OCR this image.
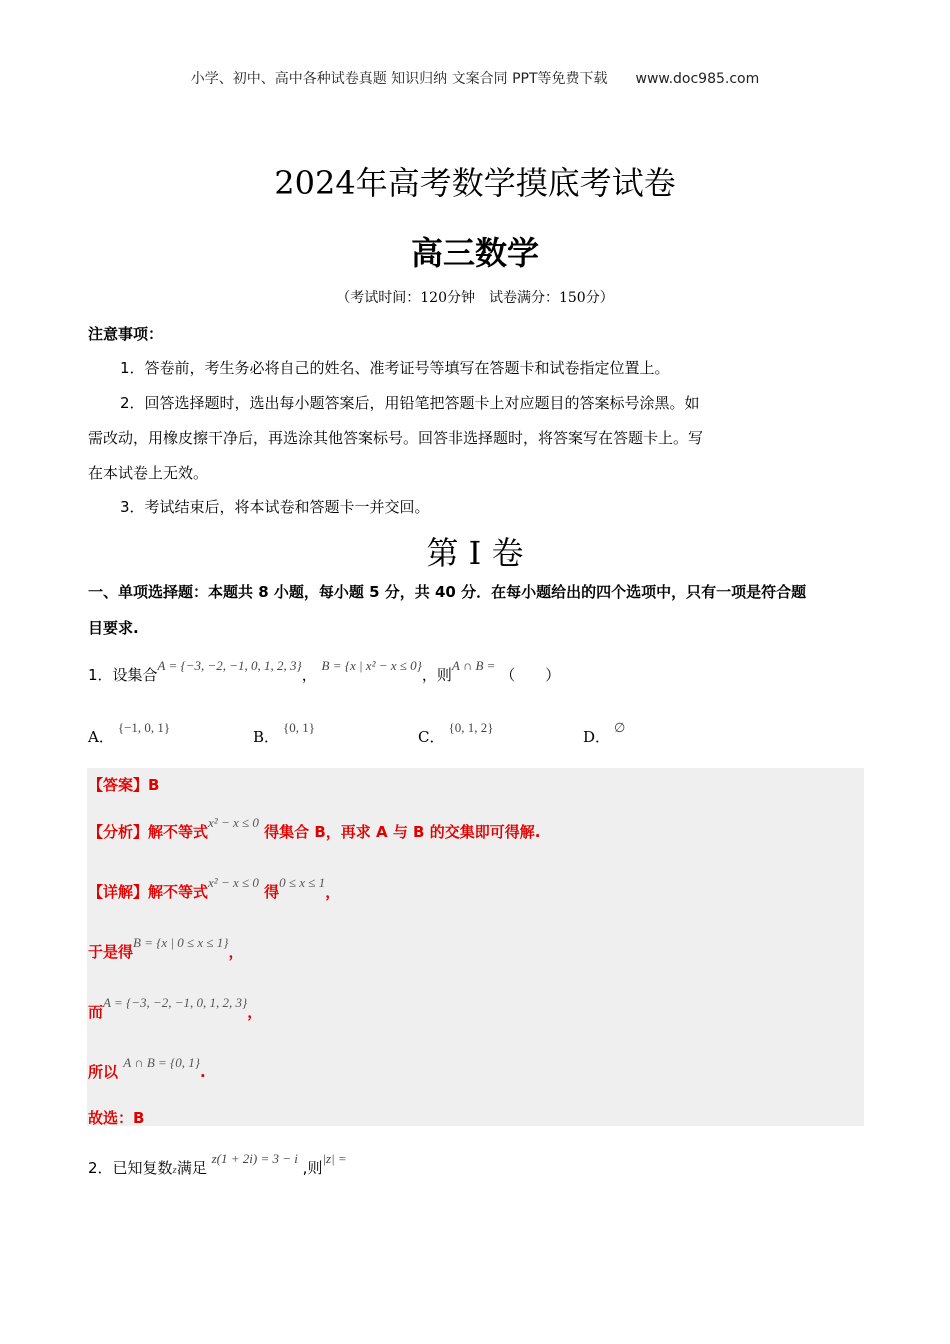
小学、初中、高中各种试卷真题 知识归纳 文案合同 PPT等免费下载 www.doc985.com
2024年高考数学摸底考试卷
高三数学
（考试时间：120分钟　试卷满分：150分）
注意事项：
1．答卷前，考生务必将自己的姓名、准考证号等填写在答题卡和试卷指定位置上。
2．回答选择题时，选出每小题答案后，用铅笔把答题卡上对应题目的答案标号涂黑。如
需改动，用橡皮擦干净后，再选涂其他答案标号。回答非选择题时，将答案写在答题卡上。写
在本试卷上无效。
3．考试结束后，将本试卷和答题卡一并交回。
第 I 卷
一、单项选择题：本题共 8 小题，每小题 5 分，共 40 分．在每小题给出的四个选项中，只有一项是符合题
目要求.
1．设集合A = {−3, −2, −1, 0, 1, 2, 3}， B = {x | x² − x ≤ 0}，则A ∩ B = （　　）
A．{−1, 0, 1}
B．{0, 1}
C．{0, 1, 2}
D．∅
【答案】B
【分析】解不等式x² − x ≤ 0 得集合 B，再求 A 与 B 的交集即可得解.
【详解】解不等式x² − x ≤ 0 得0 ≤ x ≤ 1，
于是得B = {x | 0 ≤ x ≤ 1}，
而A = {−3, −2, −1, 0, 1, 2, 3}，
所以 A ∩ B = {0, 1}.
故选：B
2．已知复数z满足 z(1 + 2i) = 3 − i ,则|z| =
